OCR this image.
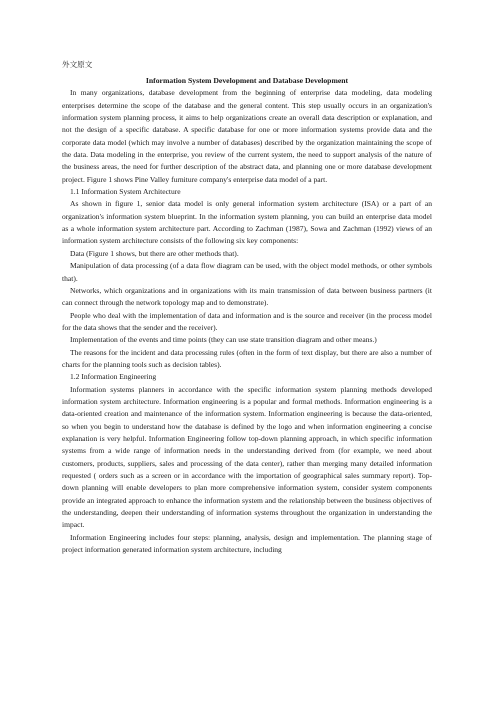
外文原文
Information System Development and Database Development

In many organizations, database development from the beginning of enterprise data modeling, data modeling enterprises determine the scope of the database and the general content. This step usually occurs in an organization's information system planning process, it aims to help organizations create an overall data description or explanation, and not the design of a specific database. A specific database for one or more information systems provide data and the corporate data model (which may involve a number of databases) described by the organization maintaining the scope of the data. Data modeling in the enterprise, you review of the current system, the need to support analysis of the nature of the business areas, the need for further description of the abstract data, and planning one or more database development project. Figure 1 shows Pine Valley furniture company's enterprise data model of a part.

1.1 Information System Architecture

As shown in figure 1, senior data model is only general information system architecture (ISA) or a part of an organization's information system blueprint. In the information system planning, you can build an enterprise data model as a whole information system architecture part. According to Zachman (1987), Sowa and Zachman (1992) views of an information system architecture consists of the following six key components:

Data (Figure 1 shows, but there are other methods that).

Manipulation of data processing (of a data flow diagram can be used, with the object model methods, or other symbols that).

Networks, which organizations and in organizations with its main transmission of data between business partners (it can connect through the network topology map and to demonstrate).

People who deal with the implementation of data and information and is the source and receiver (in the process model for the data shows that the sender and the receiver).

Implementation of the events and time points (they can use state transition diagram and other means.)

The reasons for the incident and data processing rules (often in the form of text display, but there are also a number of charts for the planning tools such as decision tables).

1.2 Information Engineering

Information systems planners in accordance with the specific information system planning methods developed information system architecture. Information engineering is a popular and formal methods. Information engineering is a data-oriented creation and maintenance of the information system. Information engineering is because the data-oriented, so when you begin to understand how the database is defined by the logo and when information engineering a concise explanation is very helpful. Information Engineering follow top-down planning approach, in which specific information systems from a wide range of information needs in the understanding derived from (for example, we need about customers, products, suppliers, sales and processing of the data center), rather than merging many detailed information requested ( orders such as a screen or in accordance with the importation of geographical sales summary report). Top-down planning will enable developers to plan more comprehensive information system, consider system components provide an integrated approach to enhance the information system and the relationship between the business objectives of the understanding, deepen their understanding of information systems throughout the organization in understanding the impact.

Information Engineering includes four steps: planning, analysis, design and implementation. The planning stage of project information generated information system architecture, including
